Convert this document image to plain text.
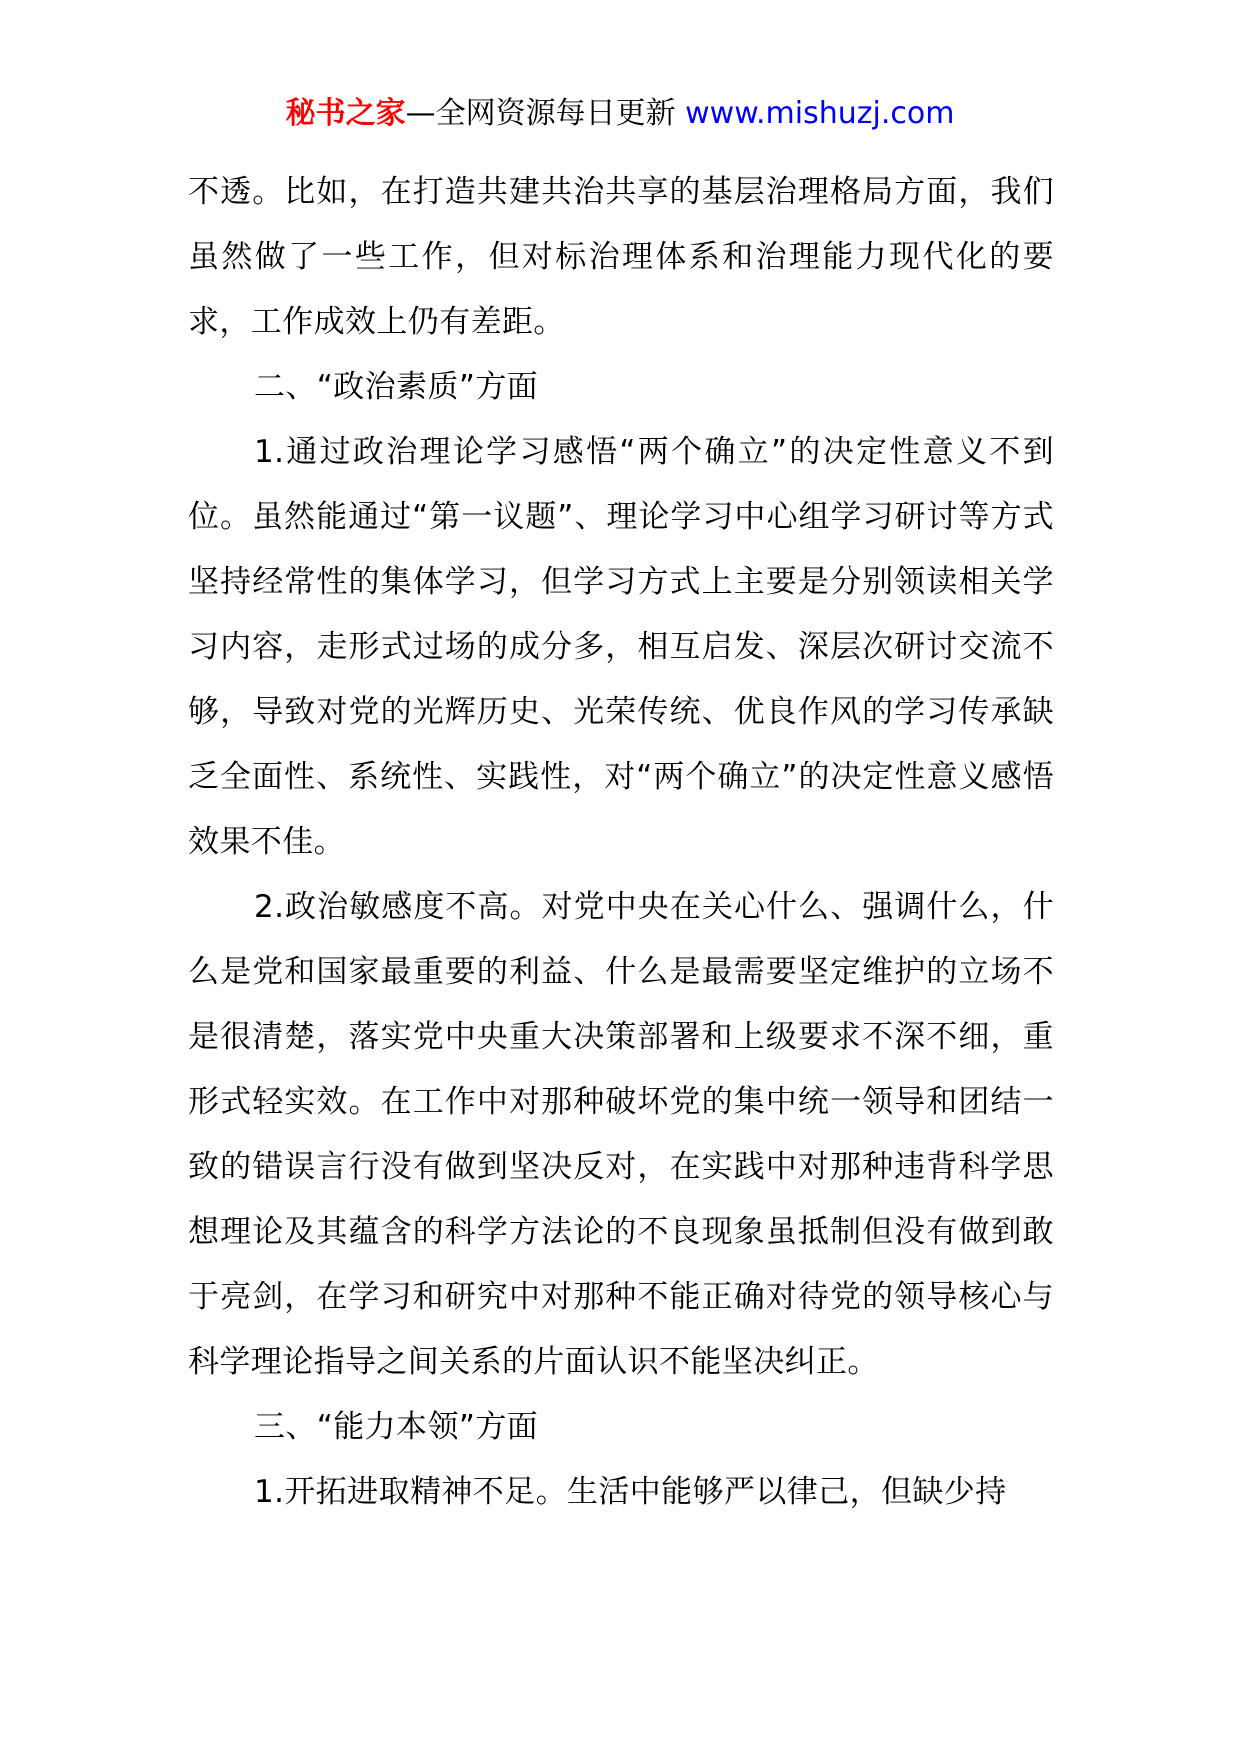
秘书之家—全网资源每日更新 www.mishuzj.com

不透。比如，在打造共建共治共享的基层治理格局方面，我们虽然做了一些工作，但对标治理体系和治理能力现代化的要求，工作成效上仍有差距。

二、“政治素质”方面

1.通过政治理论学习感悟“两个确立”的决定性意义不到位。虽然能通过“第一议题”、理论学习中心组学习研讨等方式坚持经常性的集体学习，但学习方式上主要是分别领读相关学习内容，走形式过场的成分多，相互启发、深层次研讨交流不够，导致对党的光辉历史、光荣传统、优良作风的学习传承缺乏全面性、系统性、实践性，对“两个确立”的决定性意义感悟效果不佳。

2.政治敏感度不高。对党中央在关心什么、强调什么，什么是党和国家最重要的利益、什么是最需要坚定维护的立场不是很清楚，落实党中央重大决策部署和上级要求不深不细，重形式轻实效。在工作中对那种破坏党的集中统一领导和团结一致的错误言行没有做到坚决反对，在实践中对那种违背科学思想理论及其蕴含的科学方法论的不良现象虽抵制但没有做到敢于亮剑，在学习和研究中对那种不能正确对待党的领导核心与科学理论指导之间关系的片面认识不能坚决纠正。

三、“能力本领”方面

1.开拓进取精神不足。生活中能够严以律己，但缺少持
